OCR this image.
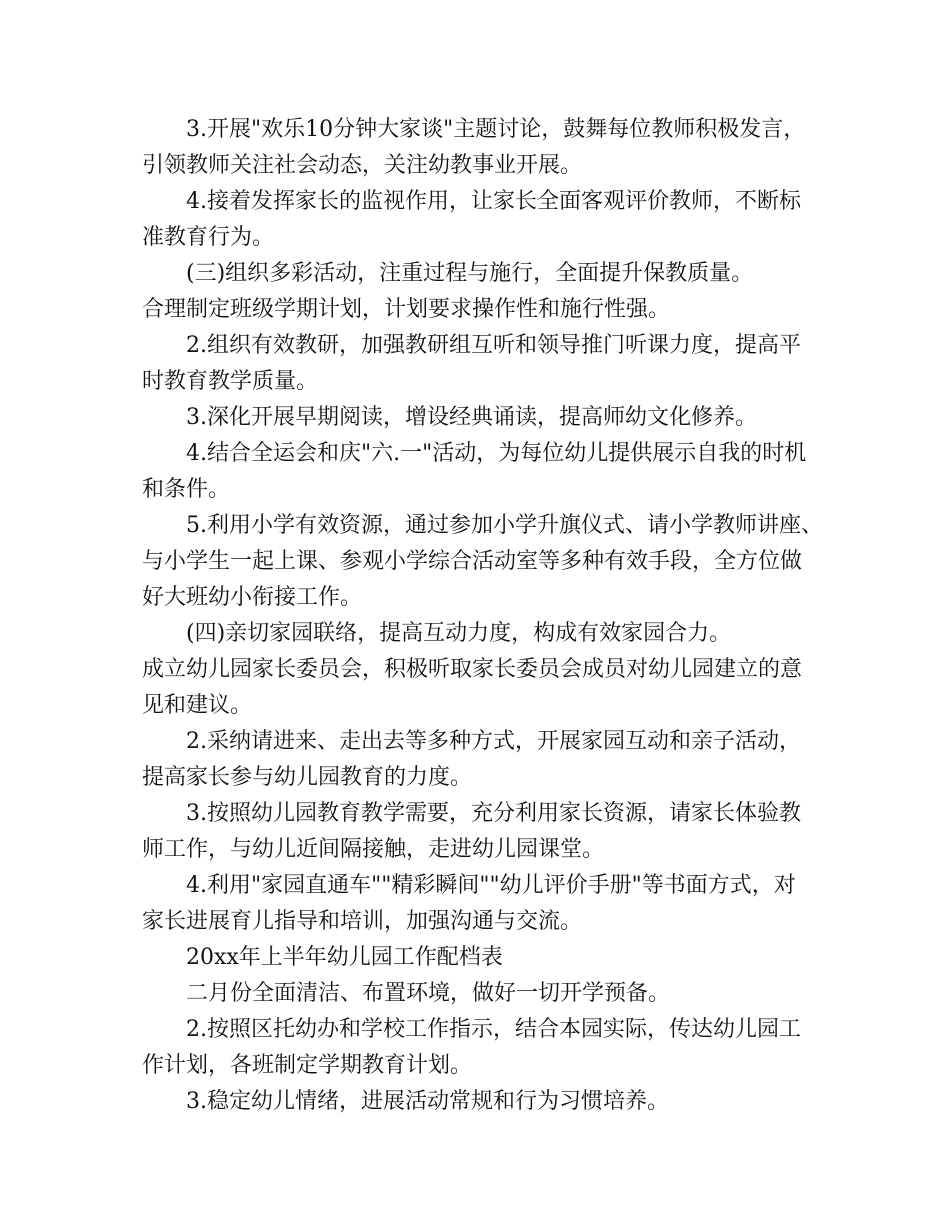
3.开展"欢乐10分钟大家谈"主题讨论，鼓舞每位教师积极发言，
引领教师关注社会动态，关注幼教事业开展。
4.接着发挥家长的监视作用，让家长全面客观评价教师，不断标
准教育行为。
(三)组织多彩活动，注重过程与施行，全面提升保教质量。
合理制定班级学期计划，计划要求操作性和施行性强。
2.组织有效教研，加强教研组互听和领导推门听课力度，提高平
时教育教学质量。
3.深化开展早期阅读，增设经典诵读，提高师幼文化修养。
4.结合全运会和庆"六.一"活动，为每位幼儿提供展示自我的时机
和条件。
5.利用小学有效资源，通过参加小学升旗仪式、请小学教师讲座、
与小学生一起上课、参观小学综合活动室等多种有效手段，全方位做
好大班幼小衔接工作。
(四)亲切家园联络，提高互动力度，构成有效家园合力。
成立幼儿园家长委员会，积极听取家长委员会成员对幼儿园建立的意
见和建议。
2.采纳请进来、走出去等多种方式，开展家园互动和亲子活动，
提高家长参与幼儿园教育的力度。
3.按照幼儿园教育教学需要，充分利用家长资源，请家长体验教
师工作，与幼儿近间隔接触，走进幼儿园课堂。
4.利用"家园直通车""精彩瞬间""幼儿评价手册"等书面方式，对
家长进展育儿指导和培训，加强沟通与交流。
20xx年上半年幼儿园工作配档表
二月份全面清洁、布置环境，做好一切开学预备。
2.按照区托幼办和学校工作指示，结合本园实际，传达幼儿园工
作计划，各班制定学期教育计划。
3.稳定幼儿情绪，进展活动常规和行为习惯培养。
